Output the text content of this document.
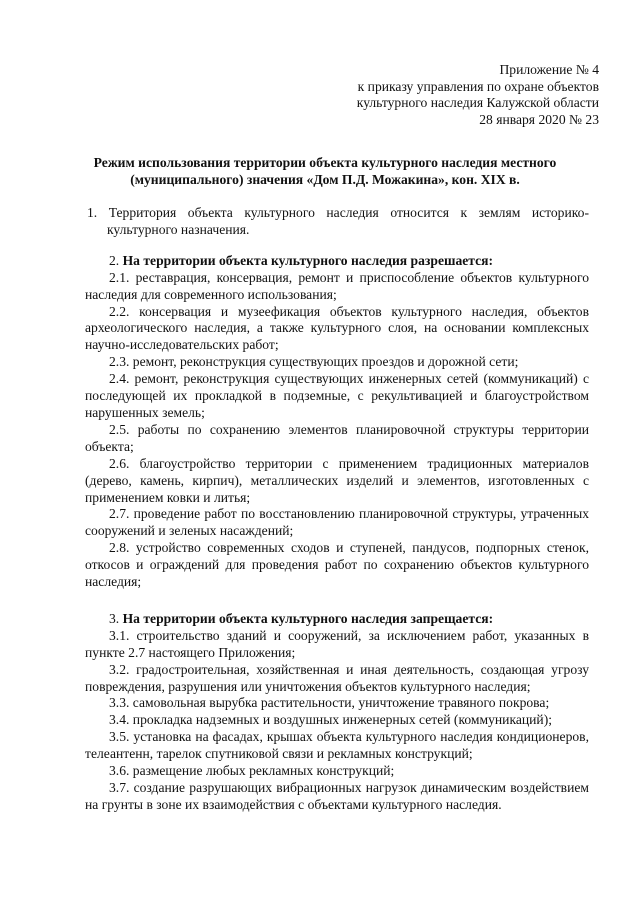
Приложение № 4
к приказу управления по охране объектов
культурного наследия Калужской области
28 января 2020 № 23
Режим использования территории объекта культурного наследия местного
(муниципального) значения «Дом П.Д. Можакина», кон. XIX в.

1. Территория объекта культурного наследия относится к землям историко-культурного назначения.

2. На территории объекта культурного наследия разрешается:

2.1. реставрация, консервация, ремонт и приспособление объектов культурного наследия для современного использования;

2.2. консервация и музеефикация объектов культурного наследия, объектов археологического наследия, а также культурного слоя, на основании комплексных научно-исследовательских работ;

2.3. ремонт, реконструкция существующих проездов и дорожной сети;

2.4. ремонт, реконструкция существующих инженерных сетей (коммуникаций) с последующей их прокладкой в подземные, с рекультивацией и благоустройством нарушенных земель;

2.5. работы по сохранению элементов планировочной структуры территории объекта;

2.6. благоустройство территории с применением традиционных материалов (дерево, камень, кирпич), металлических изделий и элементов, изготовленных с применением ковки и литья;

2.7. проведение работ по восстановлению планировочной структуры, утраченных сооружений и зеленых насаждений;

2.8. устройство современных сходов и ступеней, пандусов, подпорных стенок, откосов и ограждений для проведения работ по сохранению объектов культурного наследия;

3. На территории объекта культурного наследия запрещается:

3.1. строительство зданий и сооружений, за исключением работ, указанных в пункте 2.7 настоящего Приложения;

3.2. градостроительная, хозяйственная и иная деятельность, создающая угрозу повреждения, разрушения или уничтожения объектов культурного наследия;

3.3. самовольная вырубка растительности, уничтожение травяного покрова;

3.4. прокладка надземных и воздушных инженерных сетей (коммуникаций);

3.5. установка на фасадах, крышах объекта культурного наследия кондиционеров, телеантенн, тарелок спутниковой связи и рекламных конструкций;

3.6. размещение любых рекламных конструкций;

3.7. создание разрушающих вибрационных нагрузок динамическим воздействием на грунты в зоне их взаимодействия с объектами культурного наследия.
